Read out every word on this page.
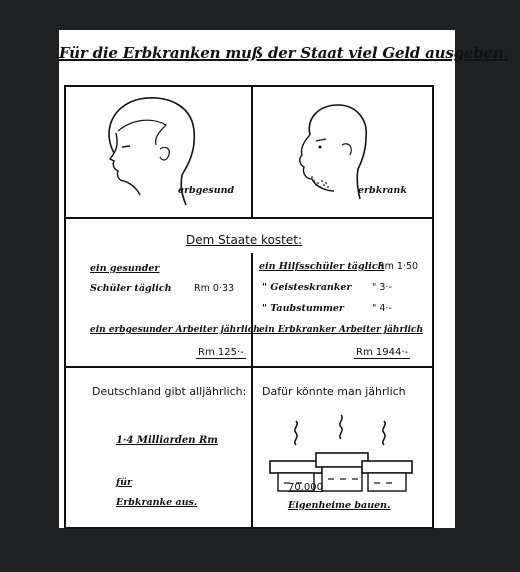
Für die Erbkranken muß der Staat viel Geld ausgeben.
erbgesund	erbkrank
Dem Staate kostet:
ein gesunder
Schüler täglich Rm 0·33
ein erbgesunder Arbeiter jährlich
Rm 125·-
ein Hilfsschüler täglich
Rm 1·50
" Geisteskranker " 3·-
" Taubstummer	" 4·-
ein Erbkranker Arbeiter jährlich
Rm 1944·-
Deutschland gibt alljährlich:
1·4 Milliarden Rm
für
Erbkranke aus.
Dafür könnte man jährlich
70.000
Eigenheime bauen.
